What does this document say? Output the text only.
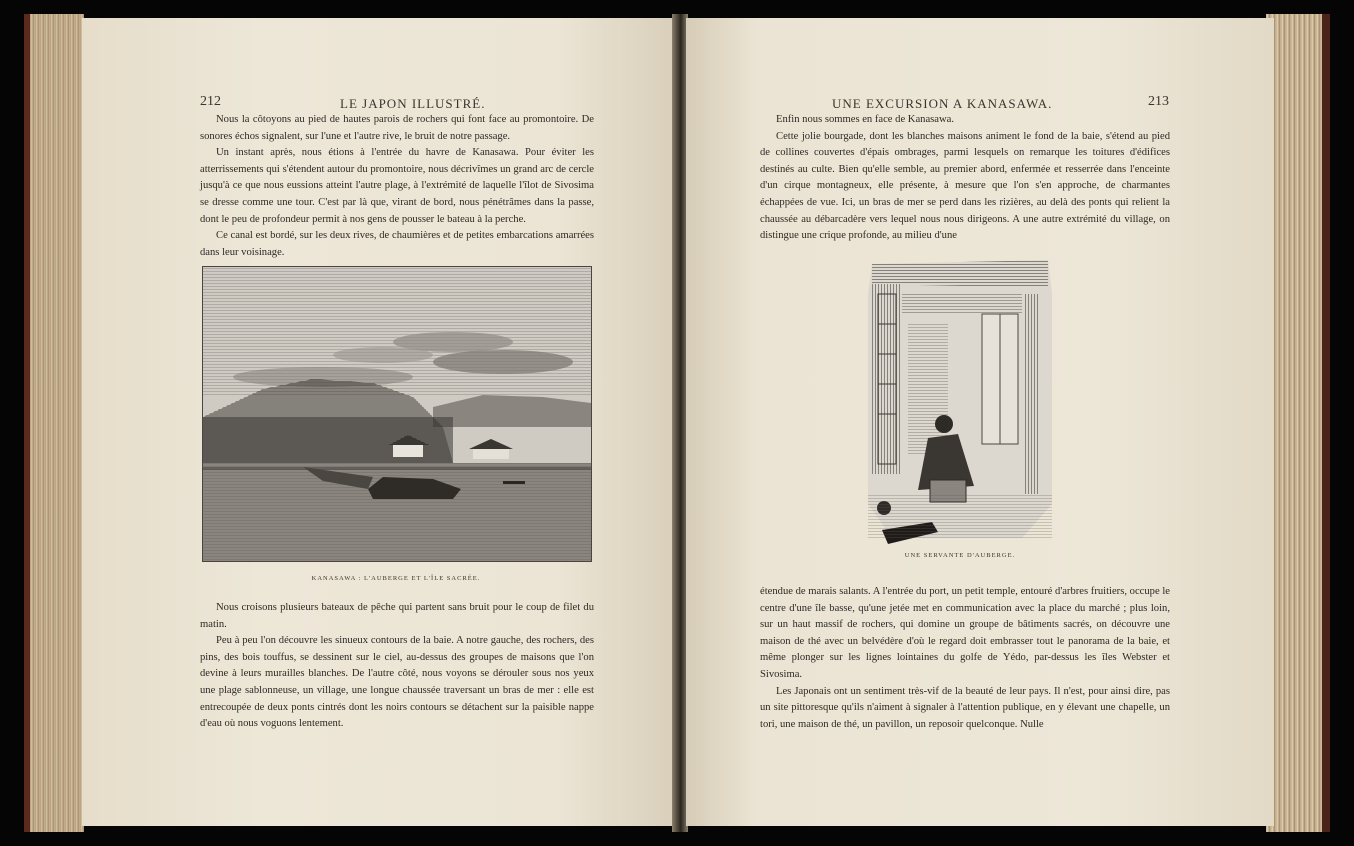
212	LE JAPON ILLUSTRÉ.

Nous la côtoyons au pied de hautes parois de rochers qui font face au promontoire. De sonores échos signalent, sur l'une et l'autre rive, le bruit de notre passage.

Un instant après, nous étions à l'entrée du havre de Kanasawa. Pour éviter les atterrissements qui s'étendent autour du promontoire, nous décrivîmes un grand arc de cercle jusqu'à ce que nous eussions atteint l'autre plage, à l'extrémité de laquelle l'îlot de Sivosima se dresse comme une tour. C'est par là que, virant de bord, nous pénétrâmes dans la passe, dont le peu de profondeur permit à nos gens de pousser le bateau à la perche.

Ce canal est bordé, sur les deux rives, de chaumières et de petites embarcations amarrées dans leur voisinage.

KANASAWA : L'AUBERGE ET L'ÎLE SACRÉE.

Nous croisons plusieurs bateaux de pêche qui partent sans bruit pour le coup de filet du matin.

Peu à peu l'on découvre les sinueux contours de la baie. A notre gauche, des rochers, des pins, des bois touffus, se dessinent sur le ciel, au-dessus des groupes de maisons que l'on devine à leurs murailles blanches. De l'autre côté, nous voyons se dérouler sous nos yeux une plage sablonneuse, un village, une longue chaussée traversant un bras de mer : elle est entrecoupée de deux ponts cintrés dont les noirs contours se détachent sur la paisible nappe d'eau où nous voguons lentement.

UNE EXCURSION A KANASAWA.	213

Enfin nous sommes en face de Kanasawa.

Cette jolie bourgade, dont les blanches maisons animent le fond de la baie, s'étend au pied de collines couvertes d'épais ombrages, parmi lesquels on remarque les toitures d'édifices destinés au culte. Bien qu'elle semble, au premier abord, enfermée et resserrée dans l'enceinte d'un cirque montagneux, elle présente, à mesure que l'on s'en approche, de charmantes échappées de vue. Ici, un bras de mer se perd dans les rizières, au delà des ponts qui relient la chaussée au débarcadère vers lequel nous nous dirigeons. A une autre extrémité du village, on distingue une crique profonde, au milieu d'une

UNE SERVANTE D'AUBERGE.

étendue de marais salants. A l'entrée du port, un petit temple, entouré d'arbres fruitiers, occupe le centre d'une île basse, qu'une jetée met en communication avec la place du marché ; plus loin, sur un haut massif de rochers, qui domine un groupe de bâtiments sacrés, on découvre une maison de thé avec un belvédère d'où le regard doit embrasser tout le panorama de la baie, et même plonger sur les lignes lointaines du golfe de Yédo, par-dessus les îles Webster et Sivosima.

Les Japonais ont un sentiment très-vif de la beauté de leur pays. Il n'est, pour ainsi dire, pas un site pittoresque qu'ils n'aiment à signaler à l'attention publique, en y élevant une chapelle, un tori, une maison de thé, un pavillon, un reposoir quelconque. Nulle
